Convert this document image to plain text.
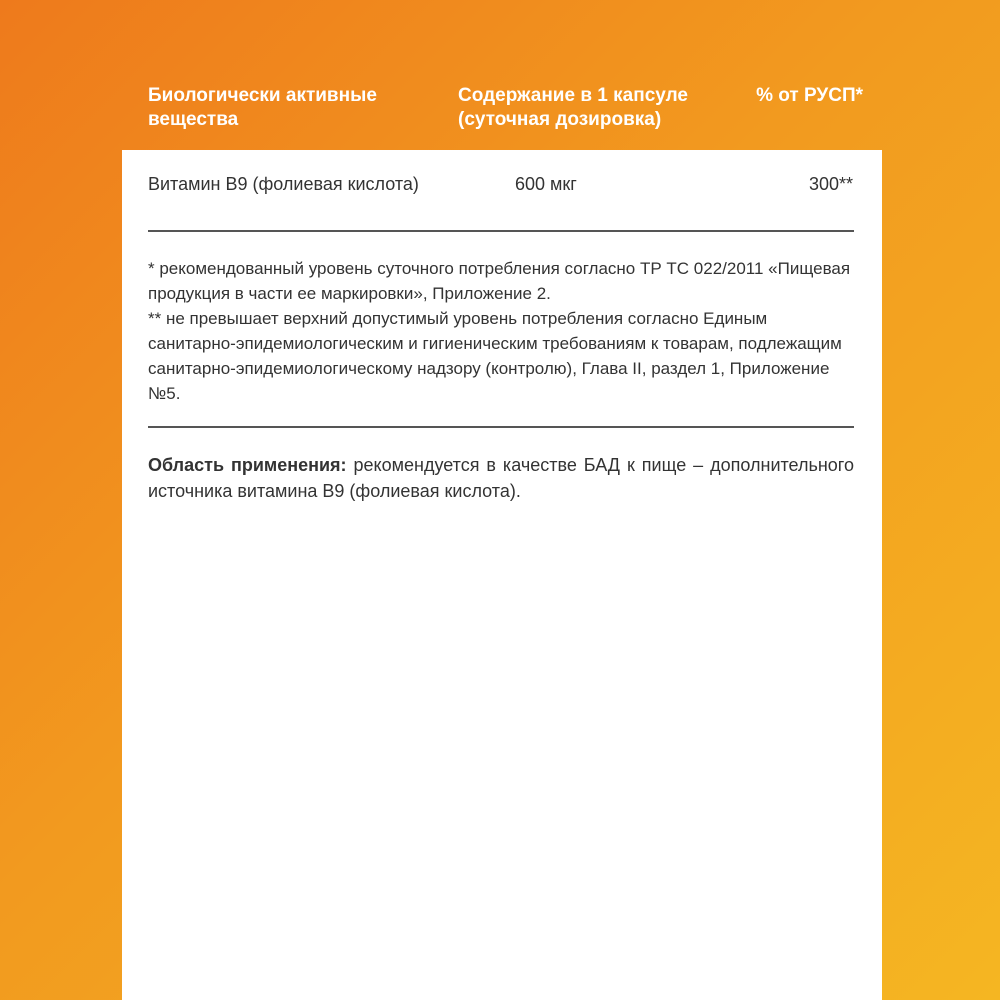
Биологически активные вещества
Содержание в 1 капсуле (суточная дозировка)
% от РУСП*
Витамин B9 (фолиевая кислота)	600 мкг	300**

* рекомендованный уровень суточного потребления согласно ТР ТС 022/2011 «Пищевая продукция в части ее маркировки», Приложение 2.

** не превышает верхний допустимый уровень потребления согласно Единым санитарно-эпидемиологическим и гигиеническим требованиям к товарам, подлежащим санитарно-эпидемиологическому надзору (контролю), Глава II, раздел 1, Приложение №5.

Область применения: рекомендуется в качестве БАД к пище – дополнительного источника витамина B9 (фолиевая кислота).
